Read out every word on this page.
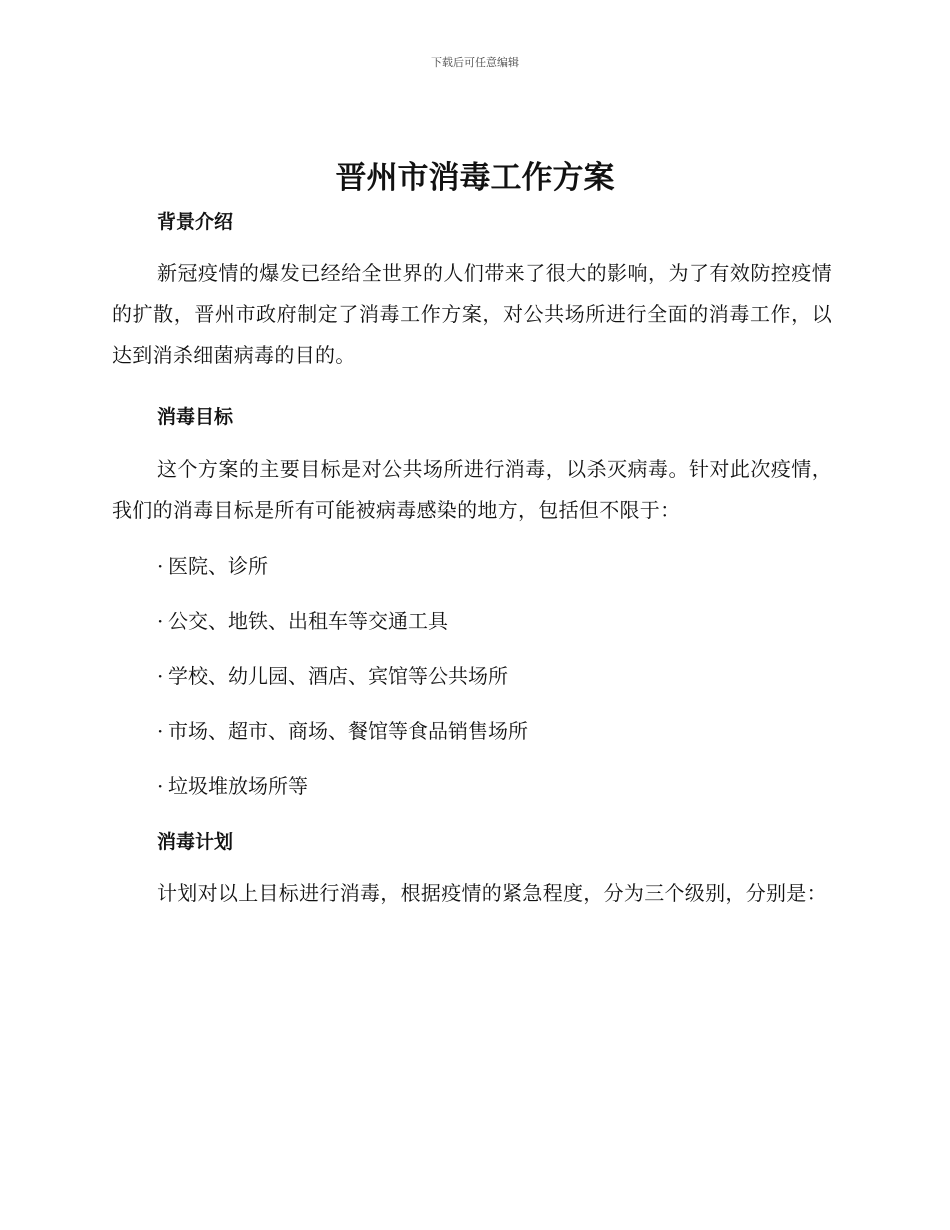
下载后可任意编辑
晋州市消毒工作方案
背景介绍

新冠疫情的爆发已经给全世界的人们带来了很大的影响，为了有效防控疫情的扩散，晋州市政府制定了消毒工作方案，对公共场所进行全面的消毒工作，以达到消杀细菌病毒的目的。

消毒目标

这个方案的主要目标是对公共场所进行消毒，以杀灭病毒。针对此次疫情，我们的消毒目标是所有可能被病毒感染的地方，包括但不限于：

· 医院、诊所
· 公交、地铁、出租车等交通工具
· 学校、幼儿园、酒店、宾馆等公共场所
· 市场、超市、商场、餐馆等食品销售场所
· 垃圾堆放场所等
消毒计划

计划对以上目标进行消毒，根据疫情的紧急程度，分为三个级别，分别是：
